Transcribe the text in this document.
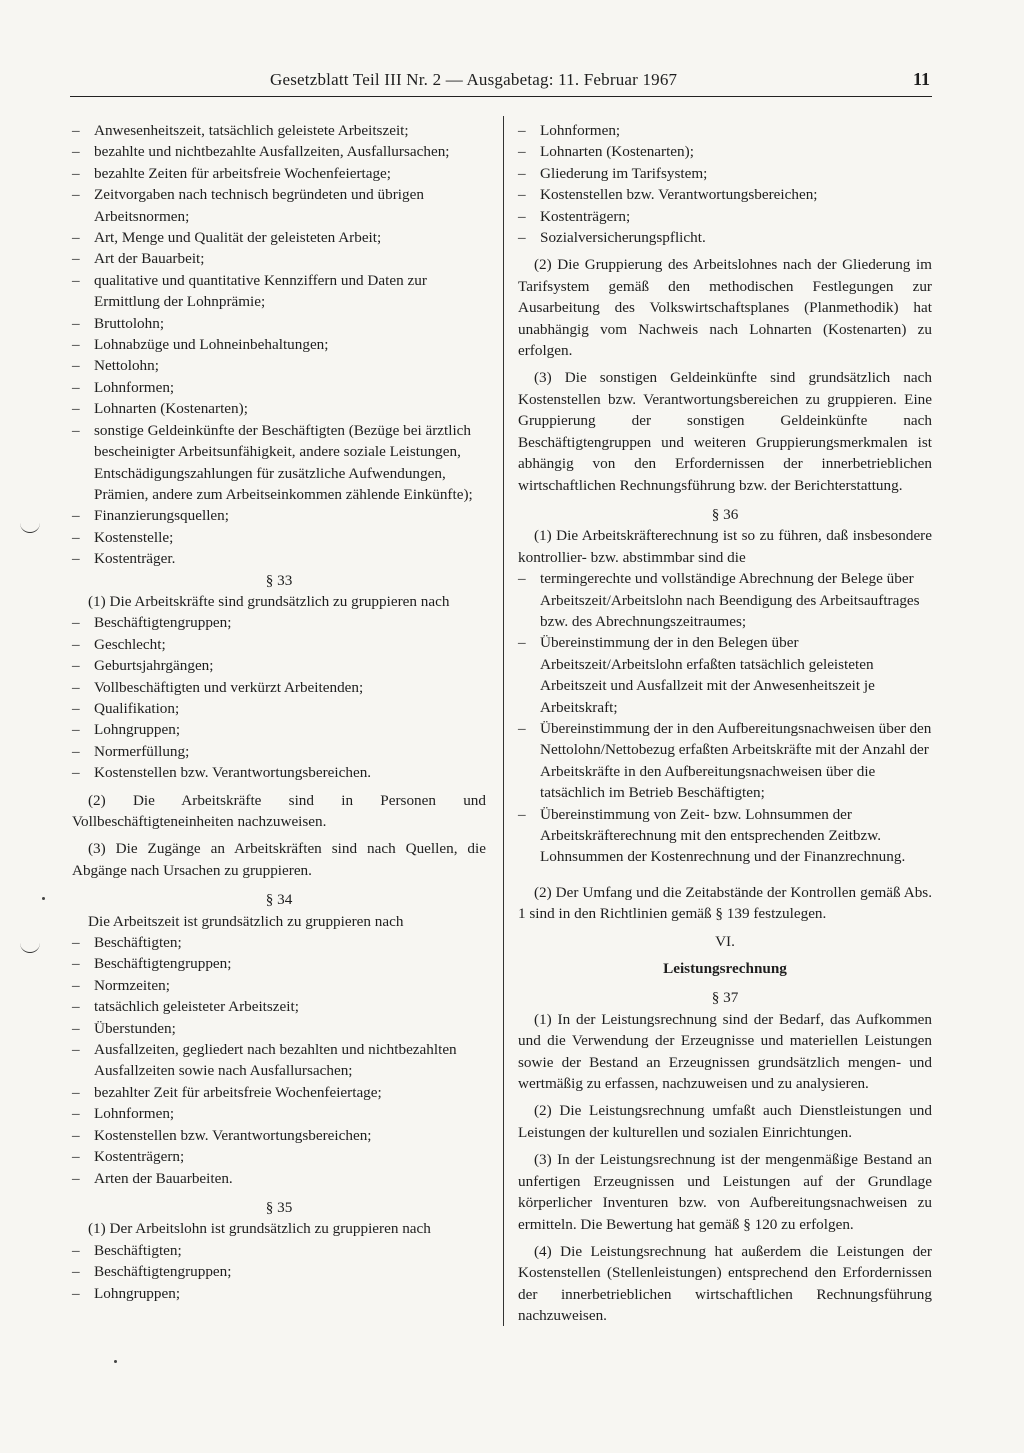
Gesetzblatt Teil III Nr. 2 — Ausgabetag: 11. Februar 1967	11
– Anwesenheitszeit, tatsächlich geleistete Arbeitszeit;
– bezahlte und nichtbezahlte Ausfallzeiten, Ausfallursachen;
– bezahlte Zeiten für arbeitsfreie Wochenfeiertage;
– Zeitvorgaben nach technisch begründeten und übrigen Arbeitsnormen;
– Art, Menge und Qualität der geleisteten Arbeit;
– Art der Bauarbeit;
– qualitative und quantitative Kennziffern und Daten zur Ermittlung der Lohnprämie;
– Bruttolohn;
– Lohnabzüge und Lohneinbehaltungen;
– Nettolohn;
– Lohnformen;
– Lohnarten (Kostenarten);
– sonstige Geldeinkünfte der Beschäftigten (Bezüge bei ärztlich bescheinigter Arbeitsunfähigkeit, andere soziale Leistungen, Entschädigungszahlungen für zusätzliche Aufwendungen, Prämien, andere zum Arbeitseinkommen zählende Einkünfte);
– Finanzierungsquellen;
– Kostenstelle;
– Kostenträger.

§ 33

(1) Die Arbeitskräfte sind grundsätzlich zu gruppieren nach

– Beschäftigtengruppen;
– Geschlecht;
– Geburtsjahrgängen;
– Vollbeschäftigten und verkürzt Arbeitenden;
– Qualifikation;
– Lohngruppen;
– Normerfüllung;
– Kostenstellen bzw. Verantwortungsbereichen.

(2) Die Arbeitskräfte sind in Personen und Vollbeschäftigteneinheiten nachzuweisen.

(3) Die Zugänge an Arbeitskräften sind nach Quellen, die Abgänge nach Ursachen zu gruppieren.

§ 34

Die Arbeitszeit ist grundsätzlich zu gruppieren nach

– Beschäftigten;
– Beschäftigtengruppen;
– Normzeiten;
– tatsächlich geleisteter Arbeitszeit;
– Überstunden;
– Ausfallzeiten, gegliedert nach bezahlten und nichtbezahlten Ausfallzeiten sowie nach Ausfallursachen;
– bezahlter Zeit für arbeitsfreie Wochenfeiertage;
– Lohnformen;
– Kostenstellen bzw. Verantwortungsbereichen;
– Kostenträgern;
– Arten der Bauarbeiten.

§ 35

(1) Der Arbeitslohn ist grundsätzlich zu gruppieren nach

– Beschäftigten;
– Beschäftigtengruppen;
– Lohngruppen;
– Lohnformen;
– Lohnarten (Kostenarten);
– Gliederung im Tarifsystem;
– Kostenstellen bzw. Verantwortungsbereichen;
– Kostenträgern;
– Sozialversicherungspflicht.

(2) Die Gruppierung des Arbeitslohnes nach der Gliederung im Tarifsystem gemäß den methodischen Festlegungen zur Ausarbeitung des Volkswirtschaftsplanes (Planmethodik) hat unabhängig vom Nachweis nach Lohnarten (Kostenarten) zu erfolgen.

(3) Die sonstigen Geldeinkünfte sind grundsätzlich nach Kostenstellen bzw. Verantwortungsbereichen zu gruppieren. Eine Gruppierung der sonstigen Geldeinkünfte nach Beschäftigtengruppen und weiteren Gruppierungsmerkmalen ist abhängig von den Erfordernissen der innerbetrieblichen wirtschaftlichen Rechnungsführung bzw. der Berichterstattung.

§ 36

(1) Die Arbeitskräfterechnung ist so zu führen, daß insbesondere kontrollier- bzw. abstimmbar sind die

– termingerechte und vollständige Abrechnung der Belege über Arbeitszeit/Arbeitslohn nach Beendigung des Arbeitsauftrages bzw. des Abrechnungszeitraumes;
– Übereinstimmung der in den Belegen über Arbeitszeit/Arbeitslohn erfaßten tatsächlich geleisteten Arbeitszeit und Ausfallzeit mit der Anwesenheitszeit je Arbeitskraft;
– Übereinstimmung der in den Aufbereitungsnachweisen über den Nettolohn/Nettobezug erfaßten Arbeitskräfte mit der Anzahl der Arbeitskräfte in den Aufbereitungsnachweisen über die tatsächlich im Betrieb Beschäftigten;
– Übereinstimmung von Zeit- bzw. Lohnsummen der Arbeitskräfterechnung mit den entsprechenden Zeitbzw. Lohnsummen der Kostenrechnung und der Finanzrechnung.

(2) Der Umfang und die Zeitabstände der Kontrollen gemäß Abs. 1 sind in den Richtlinien gemäß § 139 festzulegen.

VI.

Leistungsrechnung

§ 37

(1) In der Leistungsrechnung sind der Bedarf, das Aufkommen und die Verwendung der Erzeugnisse und materiellen Leistungen sowie der Bestand an Erzeugnissen grundsätzlich mengen- und wertmäßig zu erfassen, nachzuweisen und zu analysieren.

(2) Die Leistungsrechnung umfaßt auch Dienstleistungen und Leistungen der kulturellen und sozialen Einrichtungen.

(3) In der Leistungsrechnung ist der mengenmäßige Bestand an unfertigen Erzeugnissen und Leistungen auf der Grundlage körperlicher Inventuren bzw. von Aufbereitungsnachweisen zu ermitteln. Die Bewertung hat gemäß § 120 zu erfolgen.

(4) Die Leistungsrechnung hat außerdem die Leistungen der Kostenstellen (Stellenleistungen) entsprechend den Erfordernissen der innerbetrieblichen wirtschaftlichen Rechnungsführung nachzuweisen.
